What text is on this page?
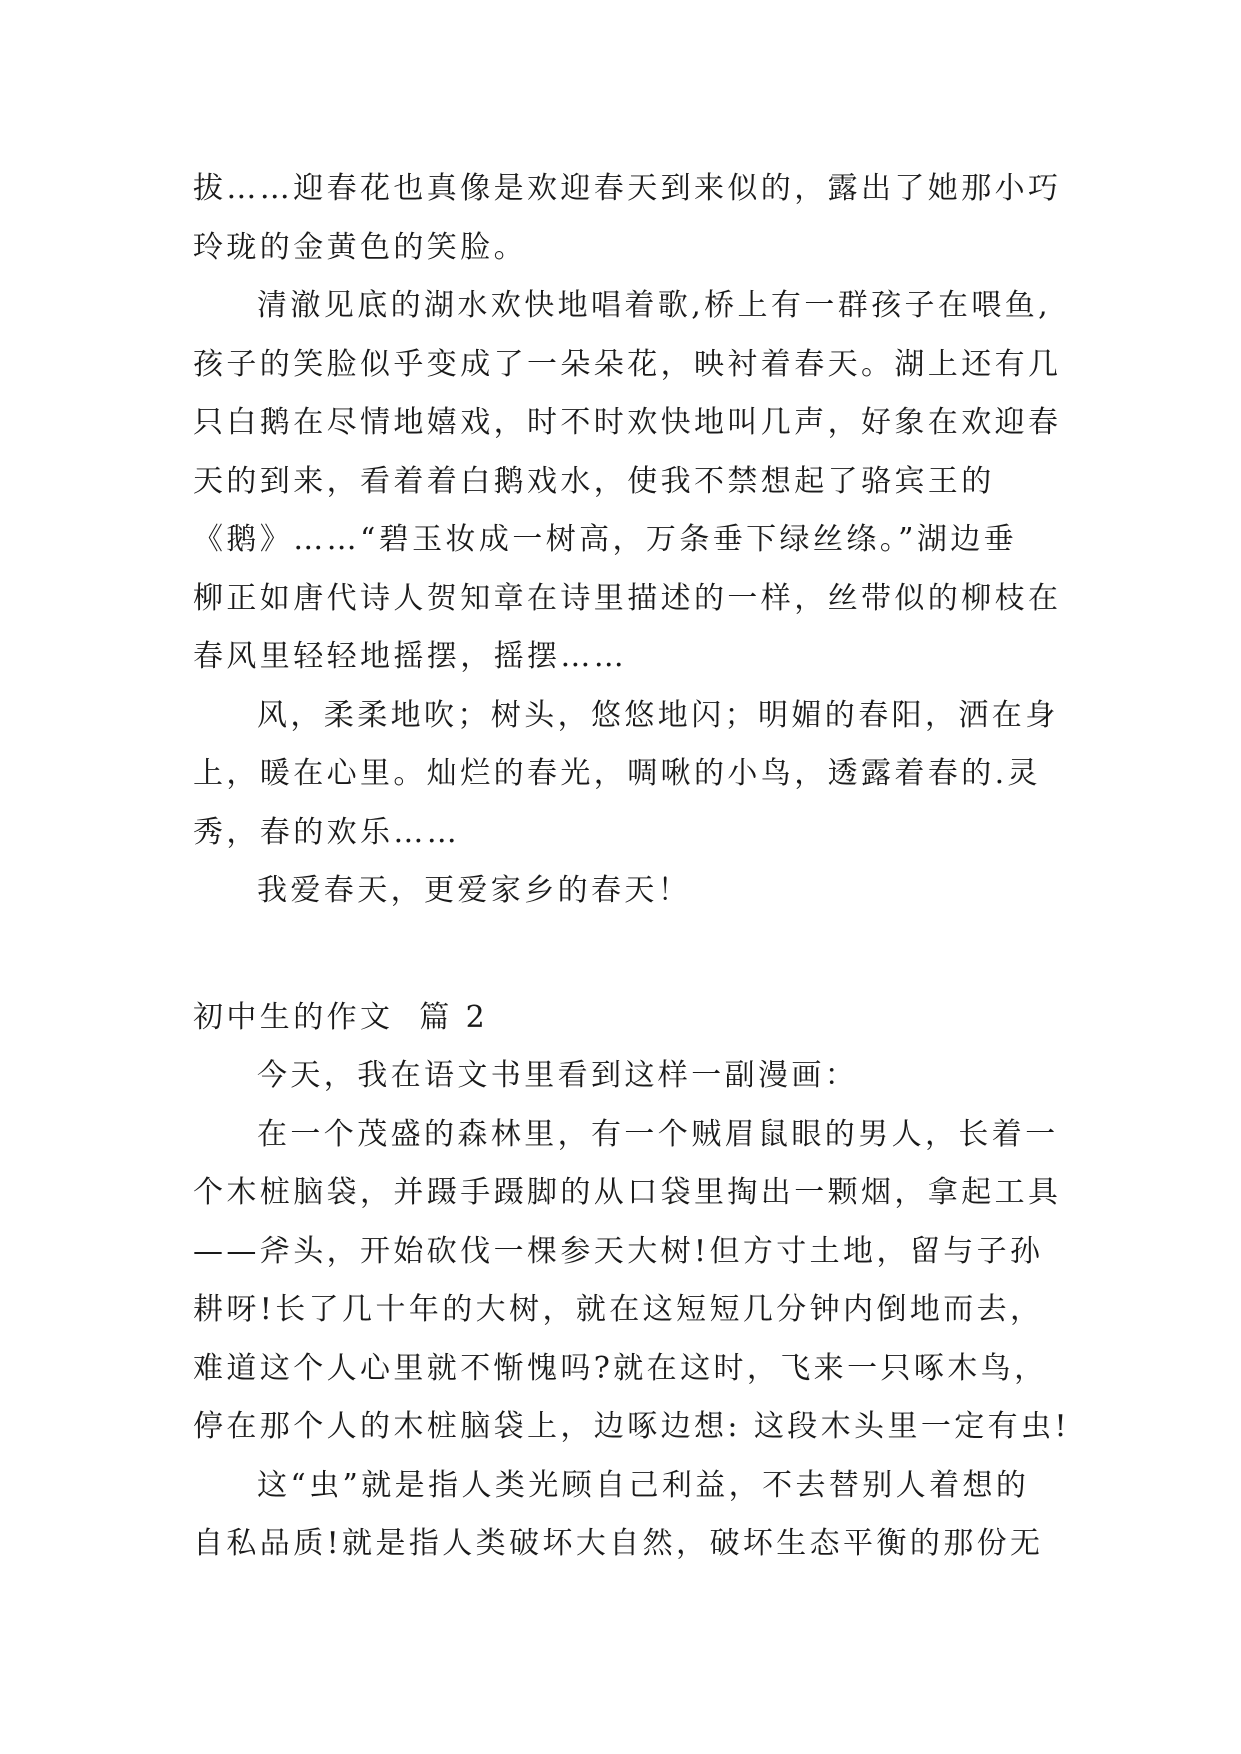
拔……迎春花也真像是欢迎春天到来似的，露出了她那小巧
玲珑的金黄色的笑脸。
清澈见底的湖水欢快地唱着歌,桥上有一群孩子在喂鱼,
孩子的笑脸似乎变成了一朵朵花，映衬着春天。湖上还有几
只白鹅在尽情地嬉戏，时不时欢快地叫几声，好象在欢迎春
天的到来，看着着白鹅戏水，使我不禁想起了骆宾王的
《鹅》……“碧玉妆成一树高，万条垂下绿丝绦。”湖边垂
柳正如唐代诗人贺知章在诗里描述的一样，丝带似的柳枝在
春风里轻轻地摇摆，摇摆……
风，柔柔地吹；树头，悠悠地闪；明媚的春阳，洒在身
上，暖在心里。灿烂的春光，啁啾的小鸟，透露着春的.灵
秀，春的欢乐……
我爱春天，更爱家乡的春天！
初中生的作文  篇 2
今天，我在语文书里看到这样一副漫画：
在一个茂盛的森林里，有一个贼眉鼠眼的男人，长着一
个木桩脑袋，并蹑手蹑脚的从口袋里掏出一颗烟，拿起工具
——斧头，开始砍伐一棵参天大树!但方寸土地，留与子孙
耕呀!长了几十年的大树，就在这短短几分钟内倒地而去，
难道这个人心里就不惭愧吗?就在这时，飞来一只啄木鸟，
停在那个人的木桩脑袋上，边啄边想: 这段木头里一定有虫!
这“虫”就是指人类光顾自己利益，不去替别人着想的
自私品质!就是指人类破坏大自然，破坏生态平衡的那份无
